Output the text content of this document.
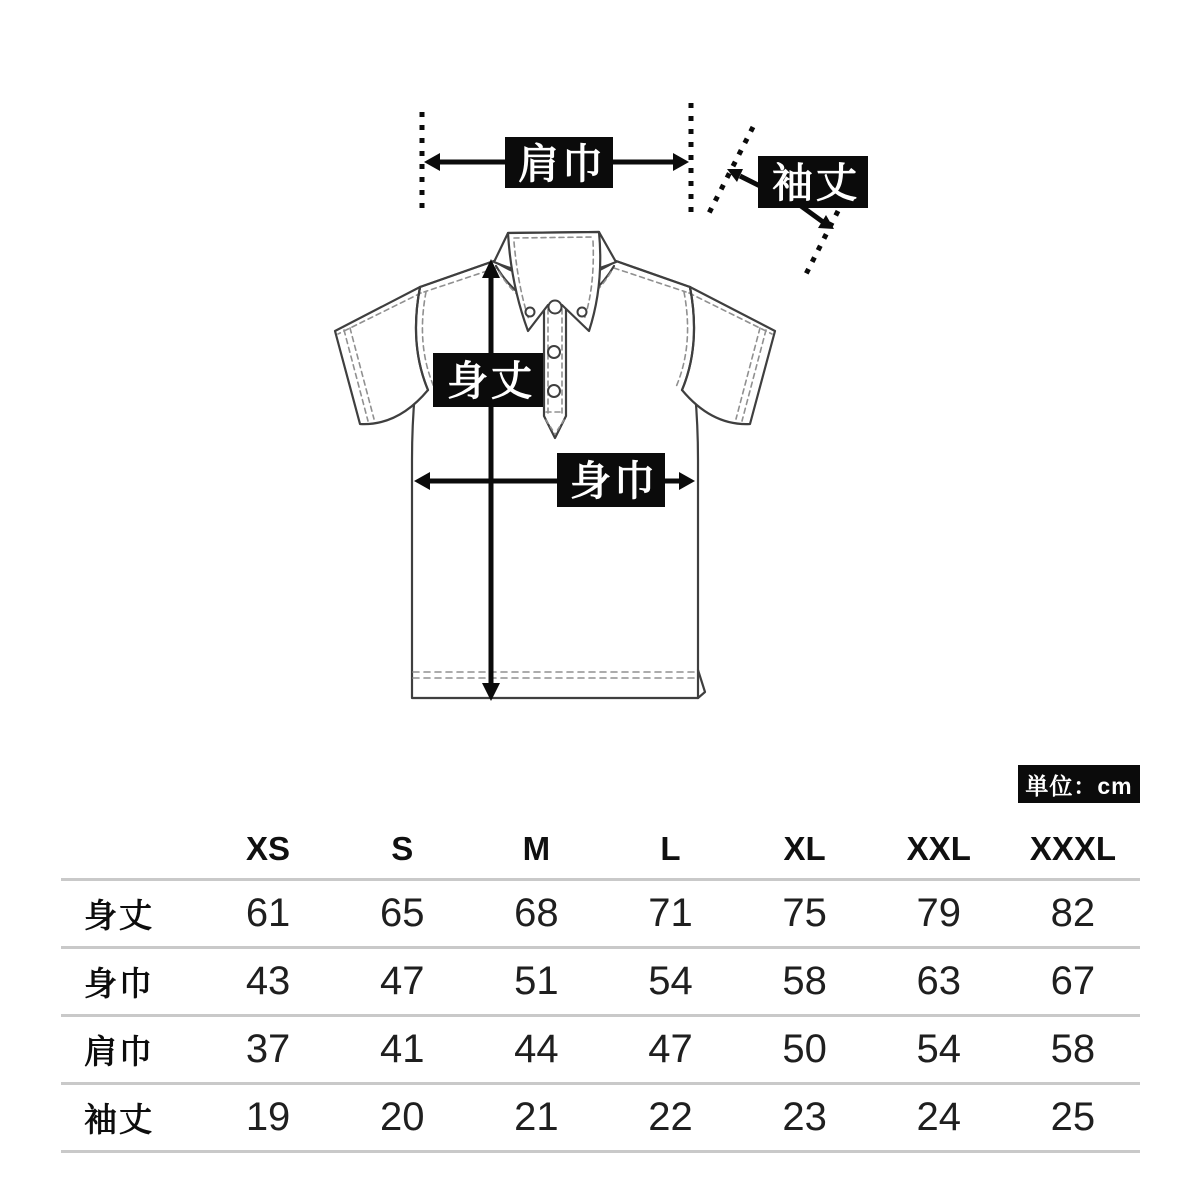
肩巾	袖丈
身丈
身巾
単位：cm
XS	S	M	L	XL	XXL	XXXL
身丈	61	65	68	71	75	79	82
身巾	43	47	51	54	58	63	67
肩巾	37	41	44	47	50	54	58
袖丈	19	20	21	22	23	24	25
